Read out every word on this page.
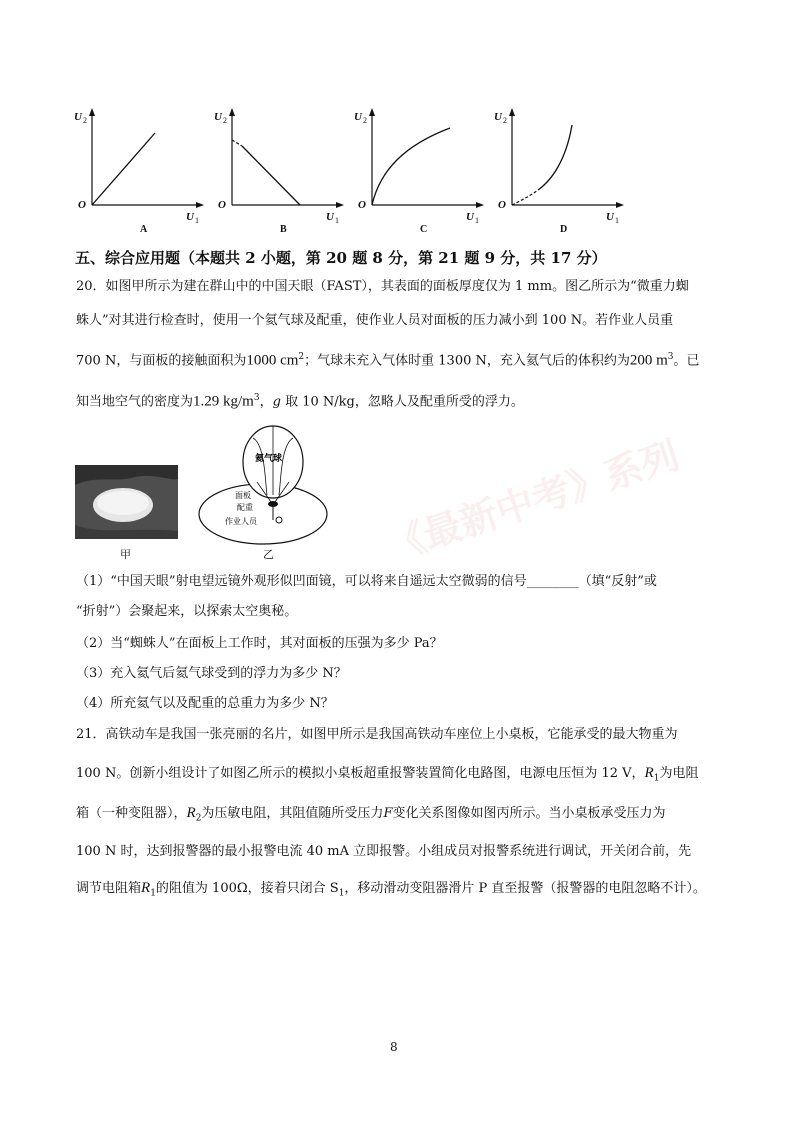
U 2
O
U 1
A
U 2
O
U 1
B
U 2
O
U 1
C
U 2
O
U 1
D
五、综合应用题（本题共 2 小题，第 20 题 8 分，第 21 题 9 分，共 17 分）
20．如图甲所示为建在群山中的中国天眼（FAST），其表面的面板厚度仅为 1 mm。图乙所示为“微重力蜘
蛛人”对其进行检查时，使用一个氦气球及配重，使作业人员对面板的压力减小到 100 N。若作业人员重
700 N，与面板的接触面积为1000 $cm^2$；气球未充入气体时重 1300 N，充入氦气后的体积约为200 $m^3$。已
知当地空气的密度为1.29 $kg/m^3$，g 取 10 N/kg，忽略人及配重所受的浮力。
甲
氦气球
面板
配重
作业人员
乙	《最新中考》系列
（1）“中国天眼”射电望远镜外观形似凹面镜，可以将来自遥远太空微弱的信号________（填“反射”或
“折射”）会聚起来，以探索太空奥秘。
（2）当“蜘蛛人”在面板上工作时，其对面板的压强为多少 Pa？
（3）充入氦气后氦气球受到的浮力为多少 N？
（4）所充氦气以及配重的总重力为多少 N？
21．高铁动车是我国一张亮丽的名片，如图甲所示是我国高铁动车座位上小桌板，它能承受的最大物重为
100 N。创新小组设计了如图乙所示的模拟小桌板超重报警装置简化电路图，电源电压恒为 12 V，$R_1$为电阻
箱（一种变阻器），$R_2$为压敏电阻，其阻值随所受压力F变化关系图像如图丙所示。当小桌板承受压力为
100 N 时，达到报警器的最小报警电流 40 mA 立即报警。小组成员对报警系统进行调试，开关闭合前，先
调节电阻箱$R_1$的阻值为 100Ω，接着只闭合 $S_1$，移动滑动变阻器滑片 P 直至报警（报警器的电阻忽略不计）。
8
